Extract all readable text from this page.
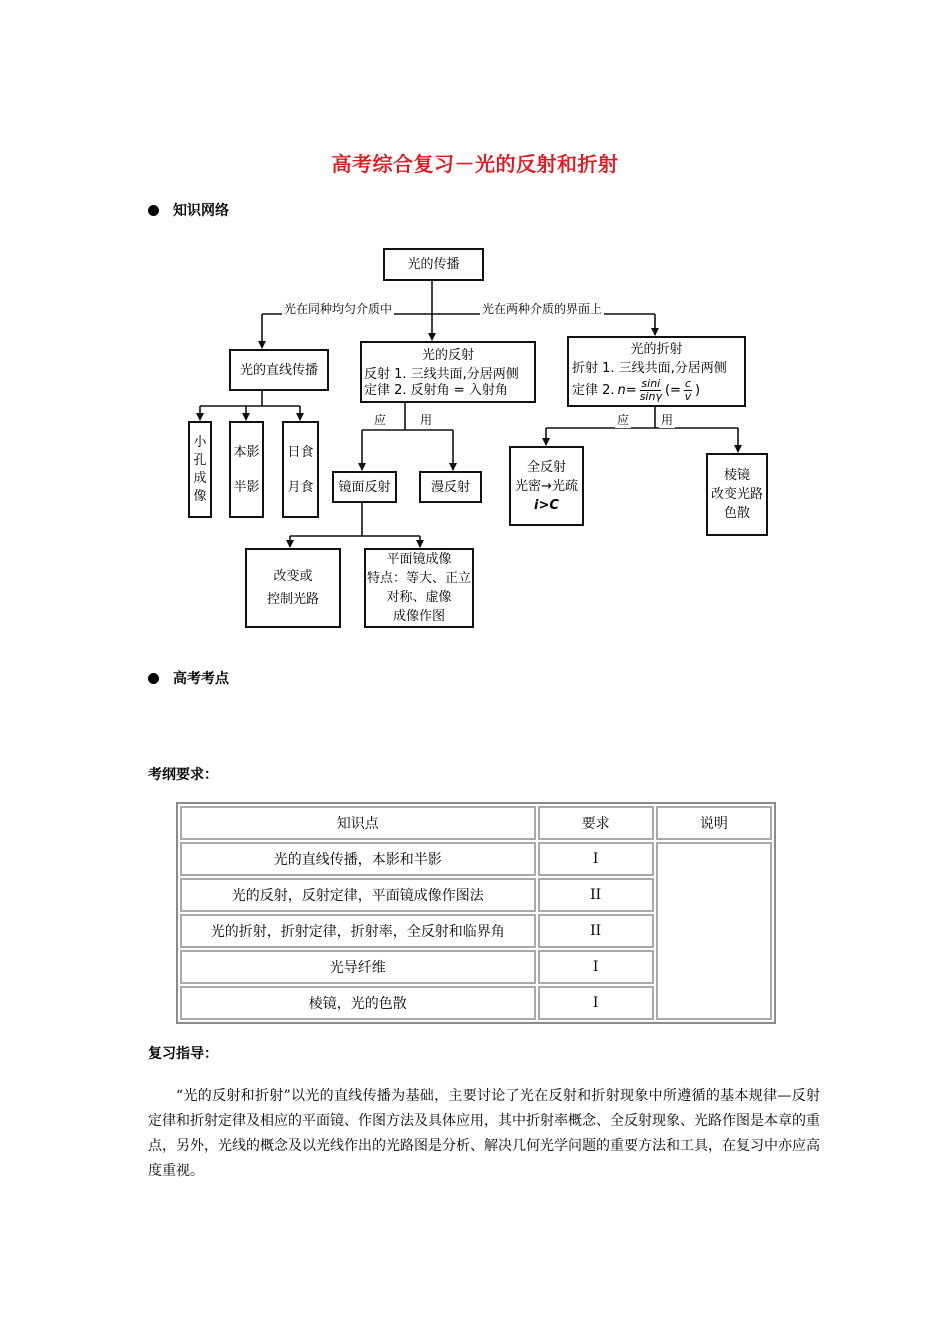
高考综合复习－光的反射和折射
知识网络
光的传播
光在同种均匀介质中	光在两种介质的界面上
光的直线传播
光的反射
反射 1. 三线共面,分居两侧
定律 2. 反射角 = 入射角
光的折射
折射 1. 三线共面,分居两侧
定律 2. $n= \frac{\sin i}{\sin\gamma}$ (= $\frac{c}{v}$ )
小
孔
成
像
本影
半影
日食
月食
应	用	应	用
镜面反射	漫反射
全反射
光密→光疏
i>C
棱镜
改变光路
色散
改变或
控制光路
平面镜成像
特点：等大、正立
对称、虚像
成像作图
高考考点
考纲要求：
知识点	要求	说明
光的直线传播，本影和半影	I	
光的反射，反射定律，平面镜成像作图法	II	
光的折射，折射定律，折射率，全反射和临界角	II	
光导纤维	I	
棱镜，光的色散	I	
复习指导：
“光的反射和折射”以光的直线传播为基础，主要讨论了光在反射和折射现象中所遵循的基本规律—反射定律和折射定律及相应的平面镜、作图方法及具体应用，其中折射率概念、全反射现象、光路作图是本章的重点，另外，光线的概念及以光线作出的光路图是分析、解决几何光学问题的重要方法和工具，在复习中亦应高度重视。
